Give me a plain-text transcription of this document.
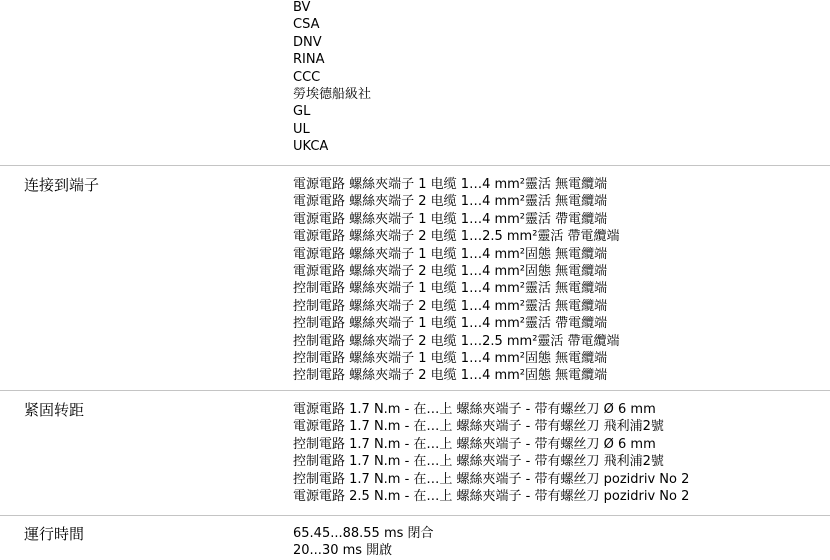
BV
CSA
DNV
RINA
CCC
勞埃德船級社
GL
UL
UKCA
连接到端子	電源電路 螺絲夾端子 1 电缆 1…4 mm²靈活 無電纜端
電源電路 螺絲夾端子 2 电缆 1…4 mm²靈活 無電纜端
電源電路 螺絲夾端子 1 电缆 1…4 mm²靈活 帶電纜端
電源電路 螺絲夾端子 2 电缆 1…2.5 mm²靈活 帶電纜端
電源電路 螺絲夾端子 1 电缆 1…4 mm²固態 無電纜端
電源電路 螺絲夾端子 2 电缆 1…4 mm²固態 無電纜端
控制電路 螺絲夾端子 1 电缆 1…4 mm²靈活 無電纜端
控制電路 螺絲夾端子 2 电缆 1…4 mm²靈活 無電纜端
控制電路 螺絲夾端子 1 电缆 1…4 mm²靈活 帶電纜端
控制電路 螺絲夾端子 2 电缆 1…2.5 mm²靈活 帶電纜端
控制電路 螺絲夾端子 1 电缆 1…4 mm²固態 無電纜端
控制電路 螺絲夾端子 2 电缆 1…4 mm²固態 無電纜端
紧固转距	電源電路 1.7 N.m - 在…上 螺絲夾端子 - 带有螺丝刀 Ø 6 mm
電源電路 1.7 N.m - 在…上 螺絲夾端子 - 带有螺丝刀 飛利浦2號
控制電路 1.7 N.m - 在…上 螺絲夾端子 - 带有螺丝刀 Ø 6 mm
控制電路 1.7 N.m - 在…上 螺絲夾端子 - 带有螺丝刀 飛利浦2號
控制電路 1.7 N.m - 在…上 螺絲夾端子 - 带有螺丝刀 pozidriv No 2
電源電路 2.5 N.m - 在…上 螺絲夾端子 - 带有螺丝刀 pozidriv No 2
運行時間	65.45...88.55 ms 閉合
20...30 ms 開啟
